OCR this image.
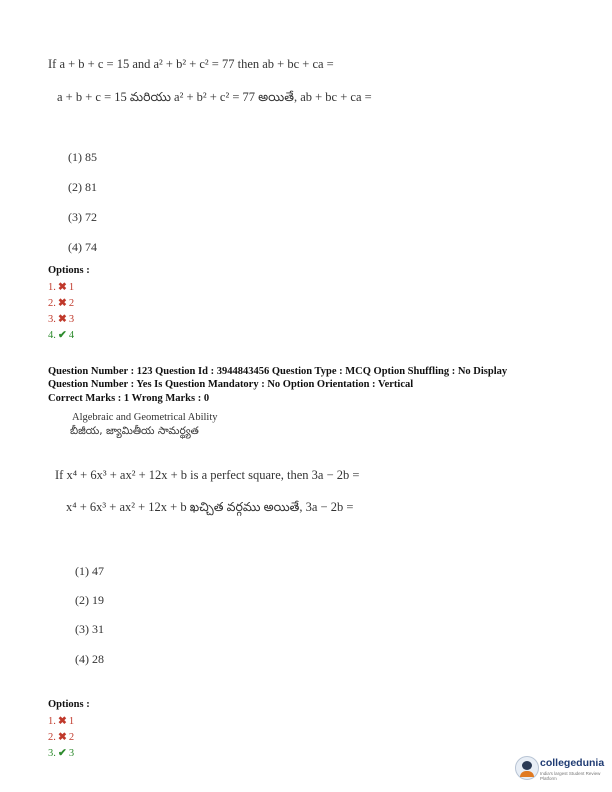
If a + b + c = 15 and a² + b² + c² = 77 then ab + bc + ca =
a + b + c = 15 మరియు a² + b² + c² = 77 అయితే, ab + bc + ca =
(1) 85
(2) 81
(3) 72
(4) 74
Options :
1. ✖ 1
2. ✖ 2
3. ✖ 3
4. ✔ 4
Question Number : 123 Question Id : 3944843456 Question Type : MCQ Option Shuffling : No Display
Question Number : Yes Is Question Mandatory : No Option Orientation : Vertical
Correct Marks : 1 Wrong Marks : 0
Algebraic and Geometrical Ability
బీజీయ, జ్యామితీయ సామర్థ్యత
If x⁴ + 6x³ + ax² + 12x + b is a perfect square, then 3a − 2b =
x⁴ + 6x³ + ax² + 12x + b ఖచ్చిత వర్గము అయితే, 3a − 2b =
(1) 47
(2) 19
(3) 31
(4) 28
Options :
1. ✖ 1
2. ✖ 2
3. ✔ 3
collegedunia
India's largest Student Review Platform
